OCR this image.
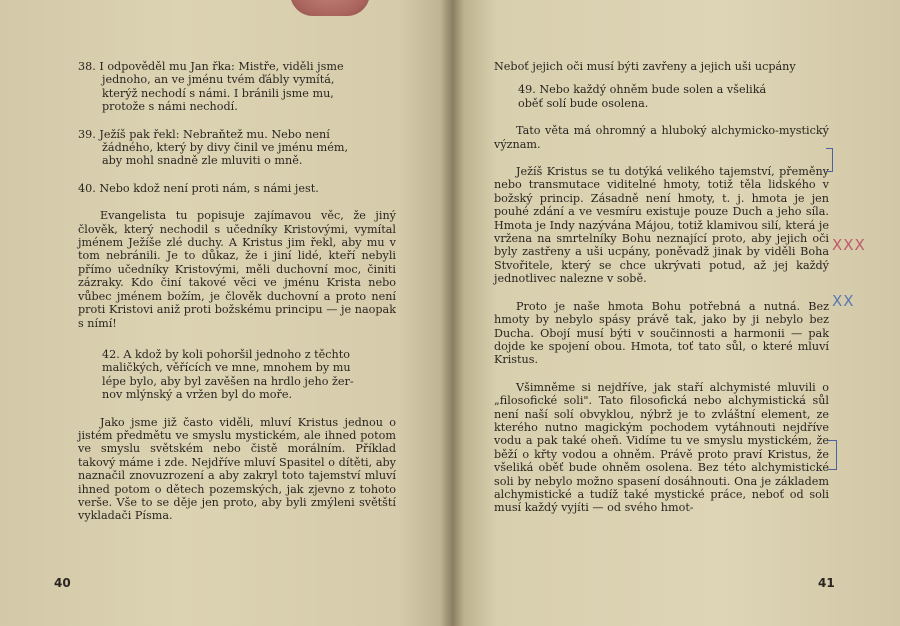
38. I odpověděl mu Jan řka: Mistře, viděli jsme
jednoho, an ve jménu tvém ďábly vymítá,
kterýž nechodí s námi. I bránili jsme mu,
protože s námi nechodí.
39. Ježíš pak řekl: Nebraňtež mu. Nebo není
žádného, který by divy činil ve jménu mém,
aby mohl snadně zle mluviti o mně.
40. Nebo kdož není proti nám, s námi jest.

Evangelista tu popisuje zajímavou věc, že jiný člověk, který nechodil s učedníky Kristovými, vymítal jménem Ježíše zlé duchy. A Kristus jim řekl, aby mu v tom nebránili. Je to důkaz, že i jiní lidé, kteří nebyli přímo učedníky Kristovými, měli duchovní moc, činiti zázraky. Kdo činí takové věci ve jménu Krista nebo vůbec jménem božím, je člověk duchovní a proto není proti Kristovi aniž proti božskému principu — je naopak s nímí!

42. A kdož by koli pohoršil jednoho z těchto
maličkých, věřících ve mne, mnohem by mu
lépe bylo, aby byl zavěšen na hrdlo jeho žer-
nov mlýnský a vržen byl do moře.

Jako jsme již často viděli, mluví Kristus jednou o jistém předmětu ve smyslu mystickém, ale ihned potom ve smyslu světském nebo čistě morálním. Příklad takový máme i zde. Nejdříve mluví Spasitel o dítěti, aby naznačil znovuzrození a aby zakryl toto tajemství mluví ihned potom o dětech pozemských, jak zjevno z tohoto verše. Vše to se děje jen proto, aby byli zmýleni světští vykladači Písma.

40

Neboť jejich oči musí býti zavřeny a jejich uši ucpány

49. Nebo každý ohněm bude solen a všeliká
oběť solí bude osolena.

Tato věta má ohromný a hluboký alchymicko-mystický význam.

Ježíš Kristus se tu dotýká velikého tajemství, přeměny nebo transmutace viditelné hmoty, totiž těla lidského v božský princip. Zásadně není hmoty, t. j. hmota je jen pouhé zdání a ve vesmíru existuje pouze Duch a jeho síla. Hmota je Indy nazývána Májou, totiž klamivou silí, která je vržena na smrtelníky Bohu neznající proto, aby jejich oči byly zastřeny a uši ucpány, poněvadž jinak by viděli Boha Stvořitele, který se chce ukrývati potud, až jej každý jednotlivec nalezne v sobě.

Proto je naše hmota Bohu potřebná a nutná. Bez hmoty by nebylo spásy právě tak, jako by ji nebylo bez Ducha. Obojí musí býti v součinnosti a harmonii — pak dojde ke spojení obou. Hmota, toť tato sůl, o které mluví Kristus.

Všimněme si nejdříve, jak staří alchymisté mluvili o „filosofické soli". Tato filosofická nebo alchymistická sůl není naší solí obvyklou, nýbrž je to zvláštní element, ze kterého nutno magickým pochodem vytáhnouti nejdříve vodu a pak také oheň. Vidíme tu ve smyslu mystickém, že běží o křty vodou a ohněm. Právě proto praví Kristus, že všeliká oběť bude ohněm osolena. Bez této alchymistické soli by nebylo možno spasení dosáhnouti. Ona je základem alchymistické a tudíž také mystické práce, neboť od soli musí každý vyjíti — od svého hmot-

XXX
XX
41
